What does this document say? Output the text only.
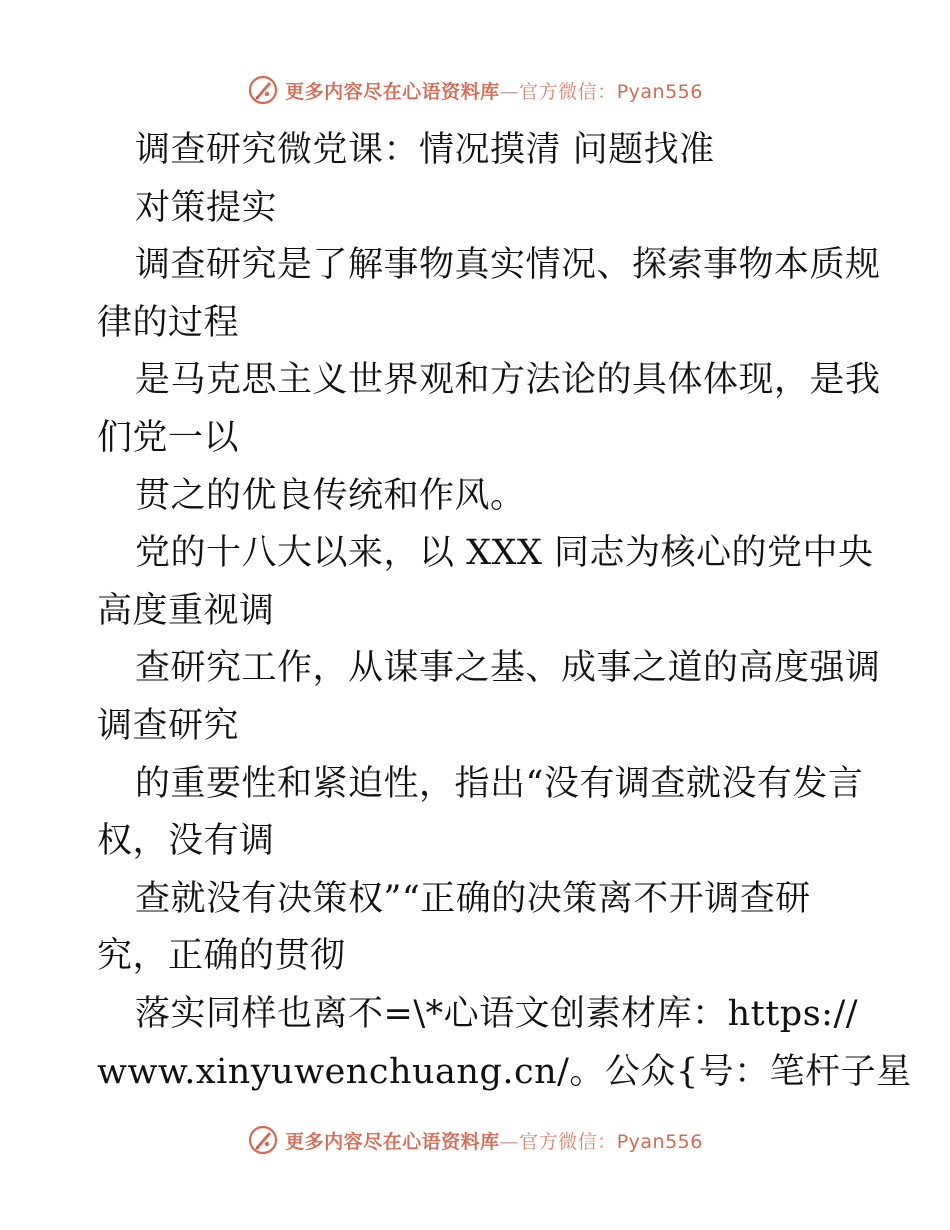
更多内容尽在心语资料库—官方微信：Pyan556
调查研究微党课：情况摸清 问题找准
对策提实
调查研究是了解事物真实情况、探索事物本质规
律的过程
是马克思主义世界观和方法论的具体体现，是我
们党一以
贯之的优良传统和作风。
党的十八大以来，以 XXX 同志为核心的党中央
高度重视调
查研究工作，从谋事之基、成事之道的高度强调
调查研究
的重要性和紧迫性，指出“没有调查就没有发言
权，没有调
查就没有决策权”“正确的决策离不开调查研
究，正确的贯彻
落实同样也离不=\*心语文创素材库：https://
www.xinyuwenchuang.cn/。公众{号：笔杆子星
更多内容尽在心语资料库—官方微信：Pyan556
